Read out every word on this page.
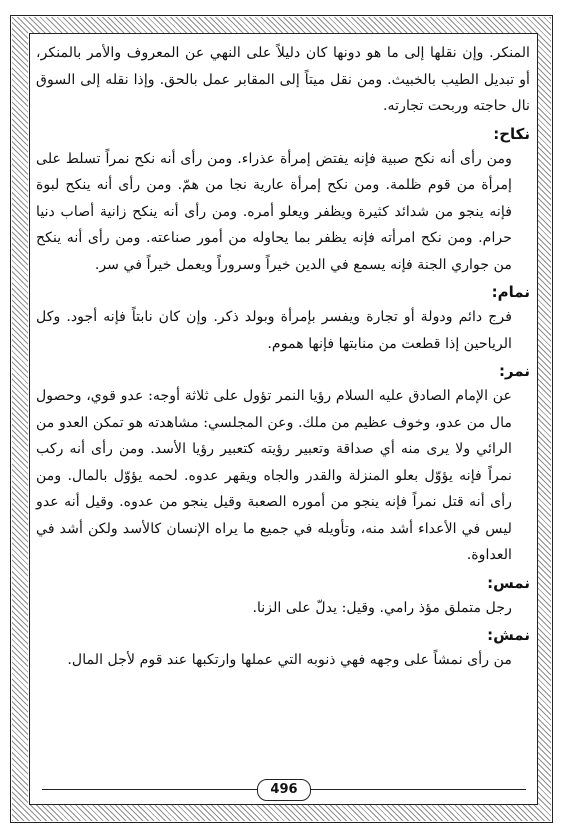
المنكر. وإن نقلها إلى ما هو دونها كان دليلاً على النهي عن المعروف والأمر بالمنكر، أو تبديل الطيب بالخبيث. ومن نقل ميتاً إلى المقابر عمل بالحق. وإذا نقله إلى السوق نال حاجته وربحت تجارته.

نكاح:

ومن رأى أنه نكح صبية فإنه يفتض إمرأة عذراء. ومن رأى أنه نكح نمراً تسلط على إمرأة من قوم ظلمة. ومن نكح إمرأة عارية نجا من همّ. ومن رأى أنه ينكح لبوة فإنه ينجو من شدائد كثيرة ويظفر ويعلو أمره. ومن رأى أنه ينكح زانية أصاب دنيا حرام. ومن نكح امرأته فإنه يظفر بما يحاوله من أمور صناعته. ومن رأى أنه ينكح من جواري الجنة فإنه يسمع في الدين خيراً وسروراً ويعمل خيراً في سر.

نمام:

فرج دائم ودولة أو تجارة ويفسر بإمرأة وبولد ذكر. وإن كان نابتاً فإنه أجود. وكل الرياحين إذا قطعت من منابتها فإنها هموم.

نمر:

عن الإمام الصادق عليه السلام رؤيا النمر تؤول على ثلاثة أوجه: عدو قوي، وحصول مال من عدو، وخوف عظيم من ملك. وعن المجلسي: مشاهدته هو تمكن العدو من الرائي ولا يرى منه أي صداقة وتعبير رؤيته كتعبير رؤيا الأسد. ومن رأى أنه ركب نمراً فإنه يؤوّل بعلو المنزلة والقدر والجاه ويقهر عدوه. لحمه يؤوّل بالمال. ومن رأى أنه قتل نمراً فإنه ينجو من أموره الصعبة وقيل ينجو من عدوه. وقيل أنه عدو ليس في الأعداء أشد منه، وتأويله في جميع ما يراه الإنسان كالأسد ولكن أشد في العداوة.

نمس:

رجل متملق مؤذ رامي. وقيل: يدلّ على الزنا.

نمش:

من رأى نمشاً على وجهه فهي ذنوبه التي عملها وارتكبها عند قوم لأجل المال.

496
